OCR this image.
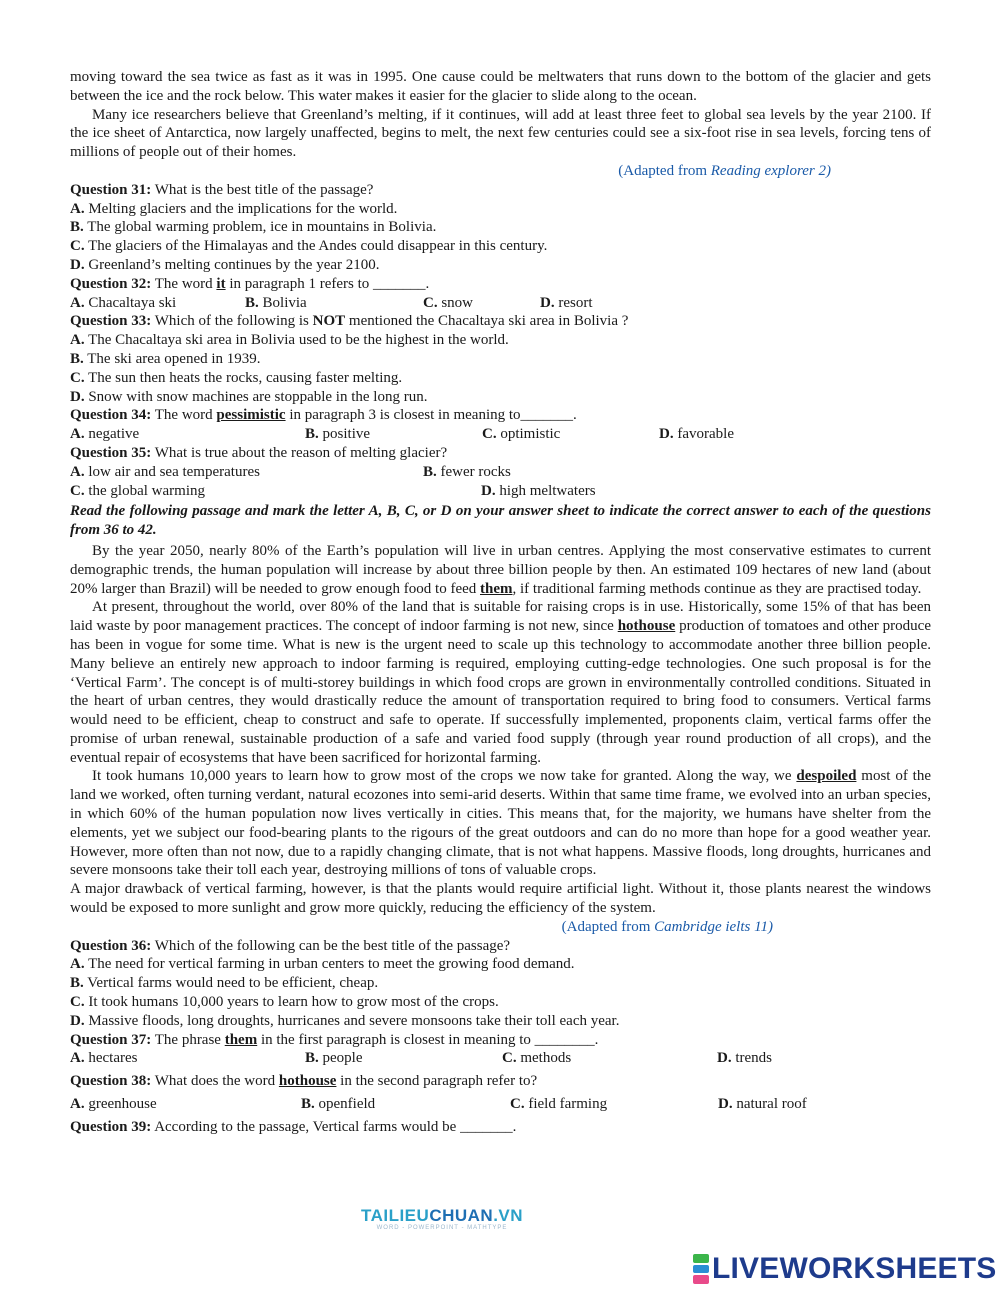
moving toward the sea twice as fast as it was in 1995. One cause could be meltwaters that runs down to the bottom of the glacier and gets between the ice and the rock below. This water makes it easier for the glacier to slide along to the ocean.

Many ice researchers believe that Greenland’s melting, if it continues, will add at least three feet to global sea levels by the year 2100. If the ice sheet of Antarctica, now largely unaffected, begins to melt, the next few centuries could see a six-foot rise in sea levels, forcing tens of millions of people out of their homes.

(Adapted from Reading explorer 2)

Question 31: What is the best title of the passage?
A. Melting glaciers and the implications for the world.
B. The global warming problem, ice in mountains in Bolivia.
C. The glaciers of the Himalayas and the Andes could disappear in this century.
D. Greenland’s melting continues by the year 2100.
Question 32: The word it in paragraph 1 refers to _______.
A. Chacaltaya ski	B. Bolivia	C. snow	D. resort
Question 33: Which of the following is NOT mentioned the Chacaltaya ski area in Bolivia ?
A. The Chacaltaya ski area in Bolivia used to be the highest in the world.
B. The ski area opened in 1939.
C. The sun then heats the rocks, causing faster melting.
D. Snow with snow machines are stoppable in the long run.
Question 34: The word pessimistic in paragraph 3 is closest in meaning to_______.
A. negative	B. positive	C. optimistic	D. favorable
Question 35: What is true about the reason of melting glacier?
A. low air and sea temperatures	B. fewer rocks
C. the global warming	D. high meltwaters

Read the following passage and mark the letter A, B, C, or D on your answer sheet to indicate the correct answer to each of the questions from 36 to 42.

By the year 2050, nearly 80% of the Earth’s population will live in urban centres. Applying the most conservative estimates to current demographic trends, the human population will increase by about three billion people by then. An estimated 109 hectares of new land (about 20% larger than Brazil) will be needed to grow enough food to feed them, if traditional farming methods continue as they are practised today.

At present, throughout the world, over 80% of the land that is suitable for raising crops is in use. Historically, some 15% of that has been laid waste by poor management practices. The concept of indoor farming is not new, since hothouse production of tomatoes and other produce has been in vogue for some time. What is new is the urgent need to scale up this technology to accommodate another three billion people. Many believe an entirely new approach to indoor farming is required, employing cutting-edge technologies. One such proposal is for the ‘Vertical Farm’. The concept is of multi-storey buildings in which food crops are grown in environmentally controlled conditions. Situated in the heart of urban centres, they would drastically reduce the amount of transportation required to bring food to consumers. Vertical farms would need to be efficient, cheap to construct and safe to operate. If successfully implemented, proponents claim, vertical farms offer the promise of urban renewal, sustainable production of a safe and varied food supply (through year round production of all crops), and the eventual repair of ecosystems that have been sacrificed for horizontal farming.

It took humans 10,000 years to learn how to grow most of the crops we now take for granted. Along the way, we despoiled most of the land we worked, often turning verdant, natural ecozones into semi-arid deserts. Within that same time frame, we evolved into an urban species, in which 60% of the human population now lives vertically in cities. This means that, for the majority, we humans have shelter from the elements, yet we subject our food-bearing plants to the rigours of the great outdoors and can do no more than hope for a good weather year. However, more often than not now, due to a rapidly changing climate, that is not what happens. Massive floods, long droughts, hurricanes and severe monsoons take their toll each year, destroying millions of tons of valuable crops.

A major drawback of vertical farming, however, is that the plants would require artificial light. Without it, those plants nearest the windows would be exposed to more sunlight and grow more quickly, reducing the efficiency of the system.

(Adapted from Cambridge ielts 11)

Question 36: Which of the following can be the best title of the passage?
A. The need for vertical farming in urban centers to meet the growing food demand.
B. Vertical farms would need to be efficient, cheap.
C. It took humans 10,000 years to learn how to grow most of the crops.
D. Massive floods, long droughts, hurricanes and severe monsoons take their toll each year.
Question 37: The phrase them in the first paragraph is closest in meaning to ________.
A. hectares	B. people	C. methods	D. trends
Question 38: What does the word hothouse in the second paragraph refer to?
A. greenhouse	B. openfield	C. field farming	D. natural roof
Question 39: According to the passage, Vertical farms would be _______.
TAILIEUCHUAN.VN
WORD - POWERPOINT - MATHTYPE
LIVEWORKSHEETS
